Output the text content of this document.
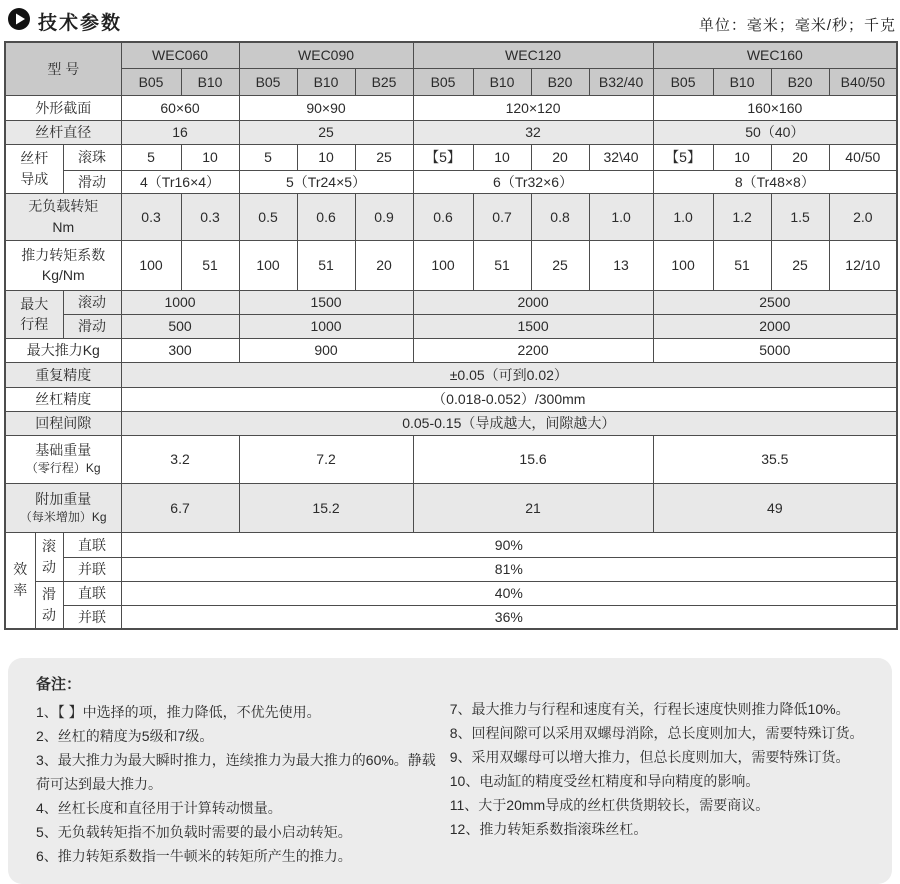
技术参数	单位：毫米；毫米/秒；千克
型 号			WEC060		WEC090			WEC120				WEC160			
			B05	B10	B05	B10	B25	B05	B10	B20	B32/40	B05	B10	B20	B40/50
外形截面			60×60		90×90			120×120				160×160			
丝杆直径			16		25			32				50（40）			

丝杆
导成		滚珠	5	10	5	10	25	【5】	10	20	32\40	【5】	10	20	40/50
		滑动	4（Tr16×4）		5（Tr24×5）			6（Tr32×6）				8（Tr48×8）			

无负载转矩
Nm			0.3	0.3	0.5	0.6	0.9	0.6	0.7	0.8	1.0	1.0	1.2	1.5	2.0

推力转矩系数
Kg/Nm			100	51	100	51	20	100	51	25	13	100	51	25	12/10

最大
行程		滚动	1000		1500			2000				2500			
		滑动	500		1000			1500				2000			
最大推力Kg			300		900			2200				5000			
重复精度			±0.05（可到0.02）												
丝杠精度			（0.018-0.052）/300mm												
回程间隙			0.05-0.15（导成越大，间隙越大）												

基础重量
（零行程）Kg			3.2		7.2			15.6				35.5			

附加重量
（每米增加）Kg			6.7		15.2			21				49			
效率	滚动	直联	90%												
		并联	81%												
	滑动	直联	40%												
		并联	36%												
备注：
1、【 】中选择的项，推力降低，不优先使用。
2、丝杠的精度为5级和7级。
3、最大推力为最大瞬时推力，连续推力为最大推力的60%。静载荷可达到最大推力。
4、丝杠长度和直径用于计算转动惯量。
5、无负载转矩指不加负载时需要的最小启动转矩。
6、推力转矩系数指一牛顿米的转矩所产生的推力。
7、最大推力与行程和速度有关，行程长速度快则推力降低10%。
8、回程间隙可以采用双螺母消除，总长度则加大，需要特殊订货。
9、采用双螺母可以增大推力，但总长度则加大，需要特殊订货。
10、电动缸的精度受丝杠精度和导向精度的影响。
11、大于20mm导成的丝杠供货期较长，需要商议。
12、推力转矩系数指滚珠丝杠。
